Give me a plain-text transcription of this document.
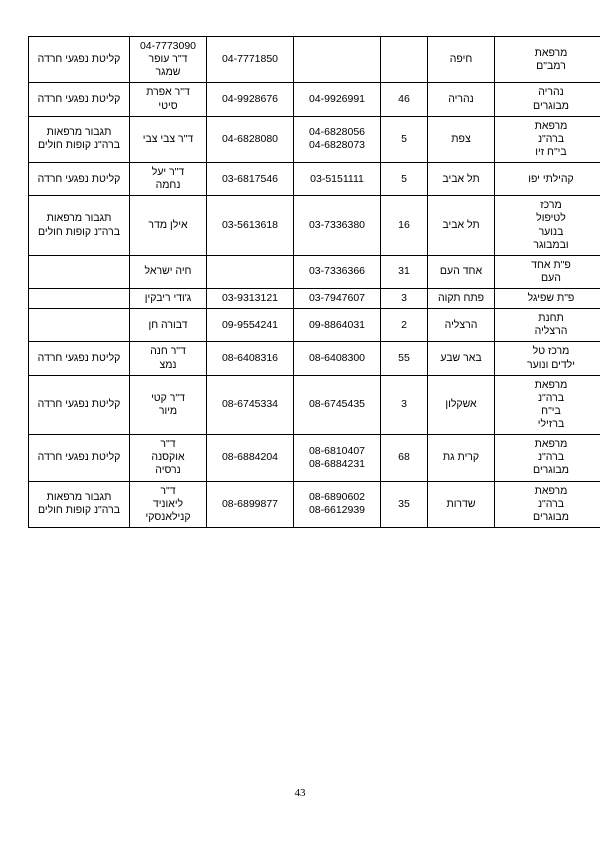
מרפאת
רמב"ם	חיפה			04-7771850	04-7773090
ד"ר עופר
שמגר	קליטת נפגעי חרדה

נהריה
מבוגרים	נהריה	46	04-9926991	04-9928676	ד"ר אפרת
סיטי	קליטת נפגעי חרדה

מרפאת
ברה"נ
בי"ח זיו	צפת	5	04-6828056
04-6828073	04-6828080	ד"ר צבי צבי	תגבור מרפאות
ברה"נ קופות חולים

קהילתי יפו	תל אביב	5	03-5151111	03-6817546	ד"ר יעל
נחמה	קליטת נפגעי חרדה

מרכז
לטיפול
בנוער
ובמבוגר	תל אביב	16	03-7336380	03-5613618	אילן מדר	תגבור מרפאות
ברה"נ קופות חולים

פ"ת אחד
העם	אחד העם	31	03-7336366		חיה ישראל	

פ"ת שפיגל	פתח תקוה	3	03-7947607	03-9313121	ג'ודי ריבקין	

תחנת
הרצליה	הרצליה	2	09-8864031	09-9554241	דבורה חן	

מרכז טל
ילדים ונוער	באר שבע	55	08-6408300	08-6408316	ד"ר חנה
נמצ	קליטת נפגעי חרדה

מרפאת
ברה"נ
בי"ח
ברזילי	אשקלון	3	08-6745435	08-6745334	ד"ר קטי
מיור	קליטת נפגעי חרדה

מרפאת
ברה"נ
מבוגרים	קרית גת	68	08-6810407
08-6884231	08-6884204	ד"ר
אוקסנה
נרסיה	קליטת נפגעי חרדה

מרפאת
ברה"נ
מבוגרים	שדרות	35	08-6890602
08-6612939	08-6899877	ד"ר
ליאוניד
קנילאנסקי	תגבור מרפאות
ברה"נ קופות חולים
43
